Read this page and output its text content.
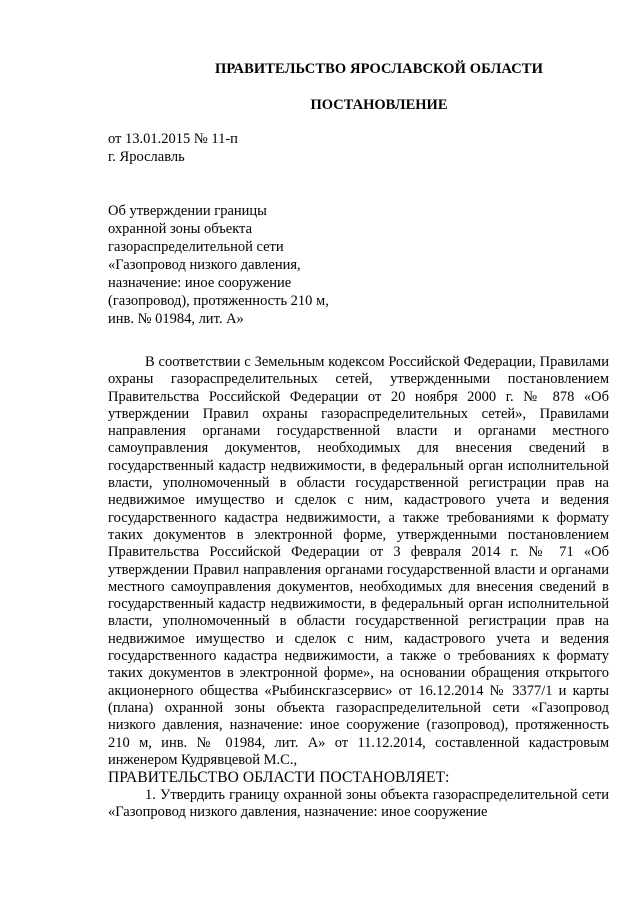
ПРАВИТЕЛЬСТВО ЯРОСЛАВСКОЙ ОБЛАСТИ
ПОСТАНОВЛЕНИЕ
от 13.01.2015 № 11-п
г. Ярославль
Об утверждении границы
охранной зоны объекта
газораспределительной сети
«Газопровод низкого давления,
назначение: иное сооружение
(газопровод), протяженность 210 м,
инв. № 01984, лит. А»

В соответствии с Земельным кодексом Российской Федерации, Правилами охраны газораспределительных сетей, утвержденными постановлением Правительства Российской Федерации от 20 ноября 2000 г. № 878 «Об утверждении Правил охраны газораспределительных сетей», Правилами направления органами государственной власти и органами местного самоуправления документов, необходимых для внесения сведений в государственный кадастр недвижимости, в федеральный орган исполнительной власти, уполномоченный в области государственной регистрации прав на недвижимое имущество и сделок с ним, кадастрового учета и ведения государственного кадастра недвижимости, а также требованиями к формату таких документов в электронной форме, утвержденными постановлением Правительства Российской Федерации от 3 февраля 2014 г. № 71 «Об утверждении Правил направления органами государственной власти и органами местного самоуправления документов, необходимых для внесения сведений в государственный кадастр недвижимости, в федеральный орган исполнительной власти, уполномоченный в области государственной регистрации прав на недвижимое имущество и сделок с ним, кадастрового учета и ведения государственного кадастра недвижимости, а также о требованиях к формату таких документов в электронной форме», на основании обращения открытого акционерного общества «Рыбинскгазсервис» от 16.12.2014 № 3377/1 и карты (плана) охранной зоны объекта газораспределительной сети «Газопровод низкого давления, назначение: иное сооружение (газопровод), протяженность 210 м, инв. № 01984, лит. А» от 11.12.2014, составленной кадастровым инженером Кудрявцевой М.С.,

ПРАВИТЕЛЬСТВО ОБЛАСТИ ПОСТАНОВЛЯЕТ:

1. Утвердить границу охранной зоны объекта газораспределительной сети «Газопровод низкого давления, назначение: иное сооружение
